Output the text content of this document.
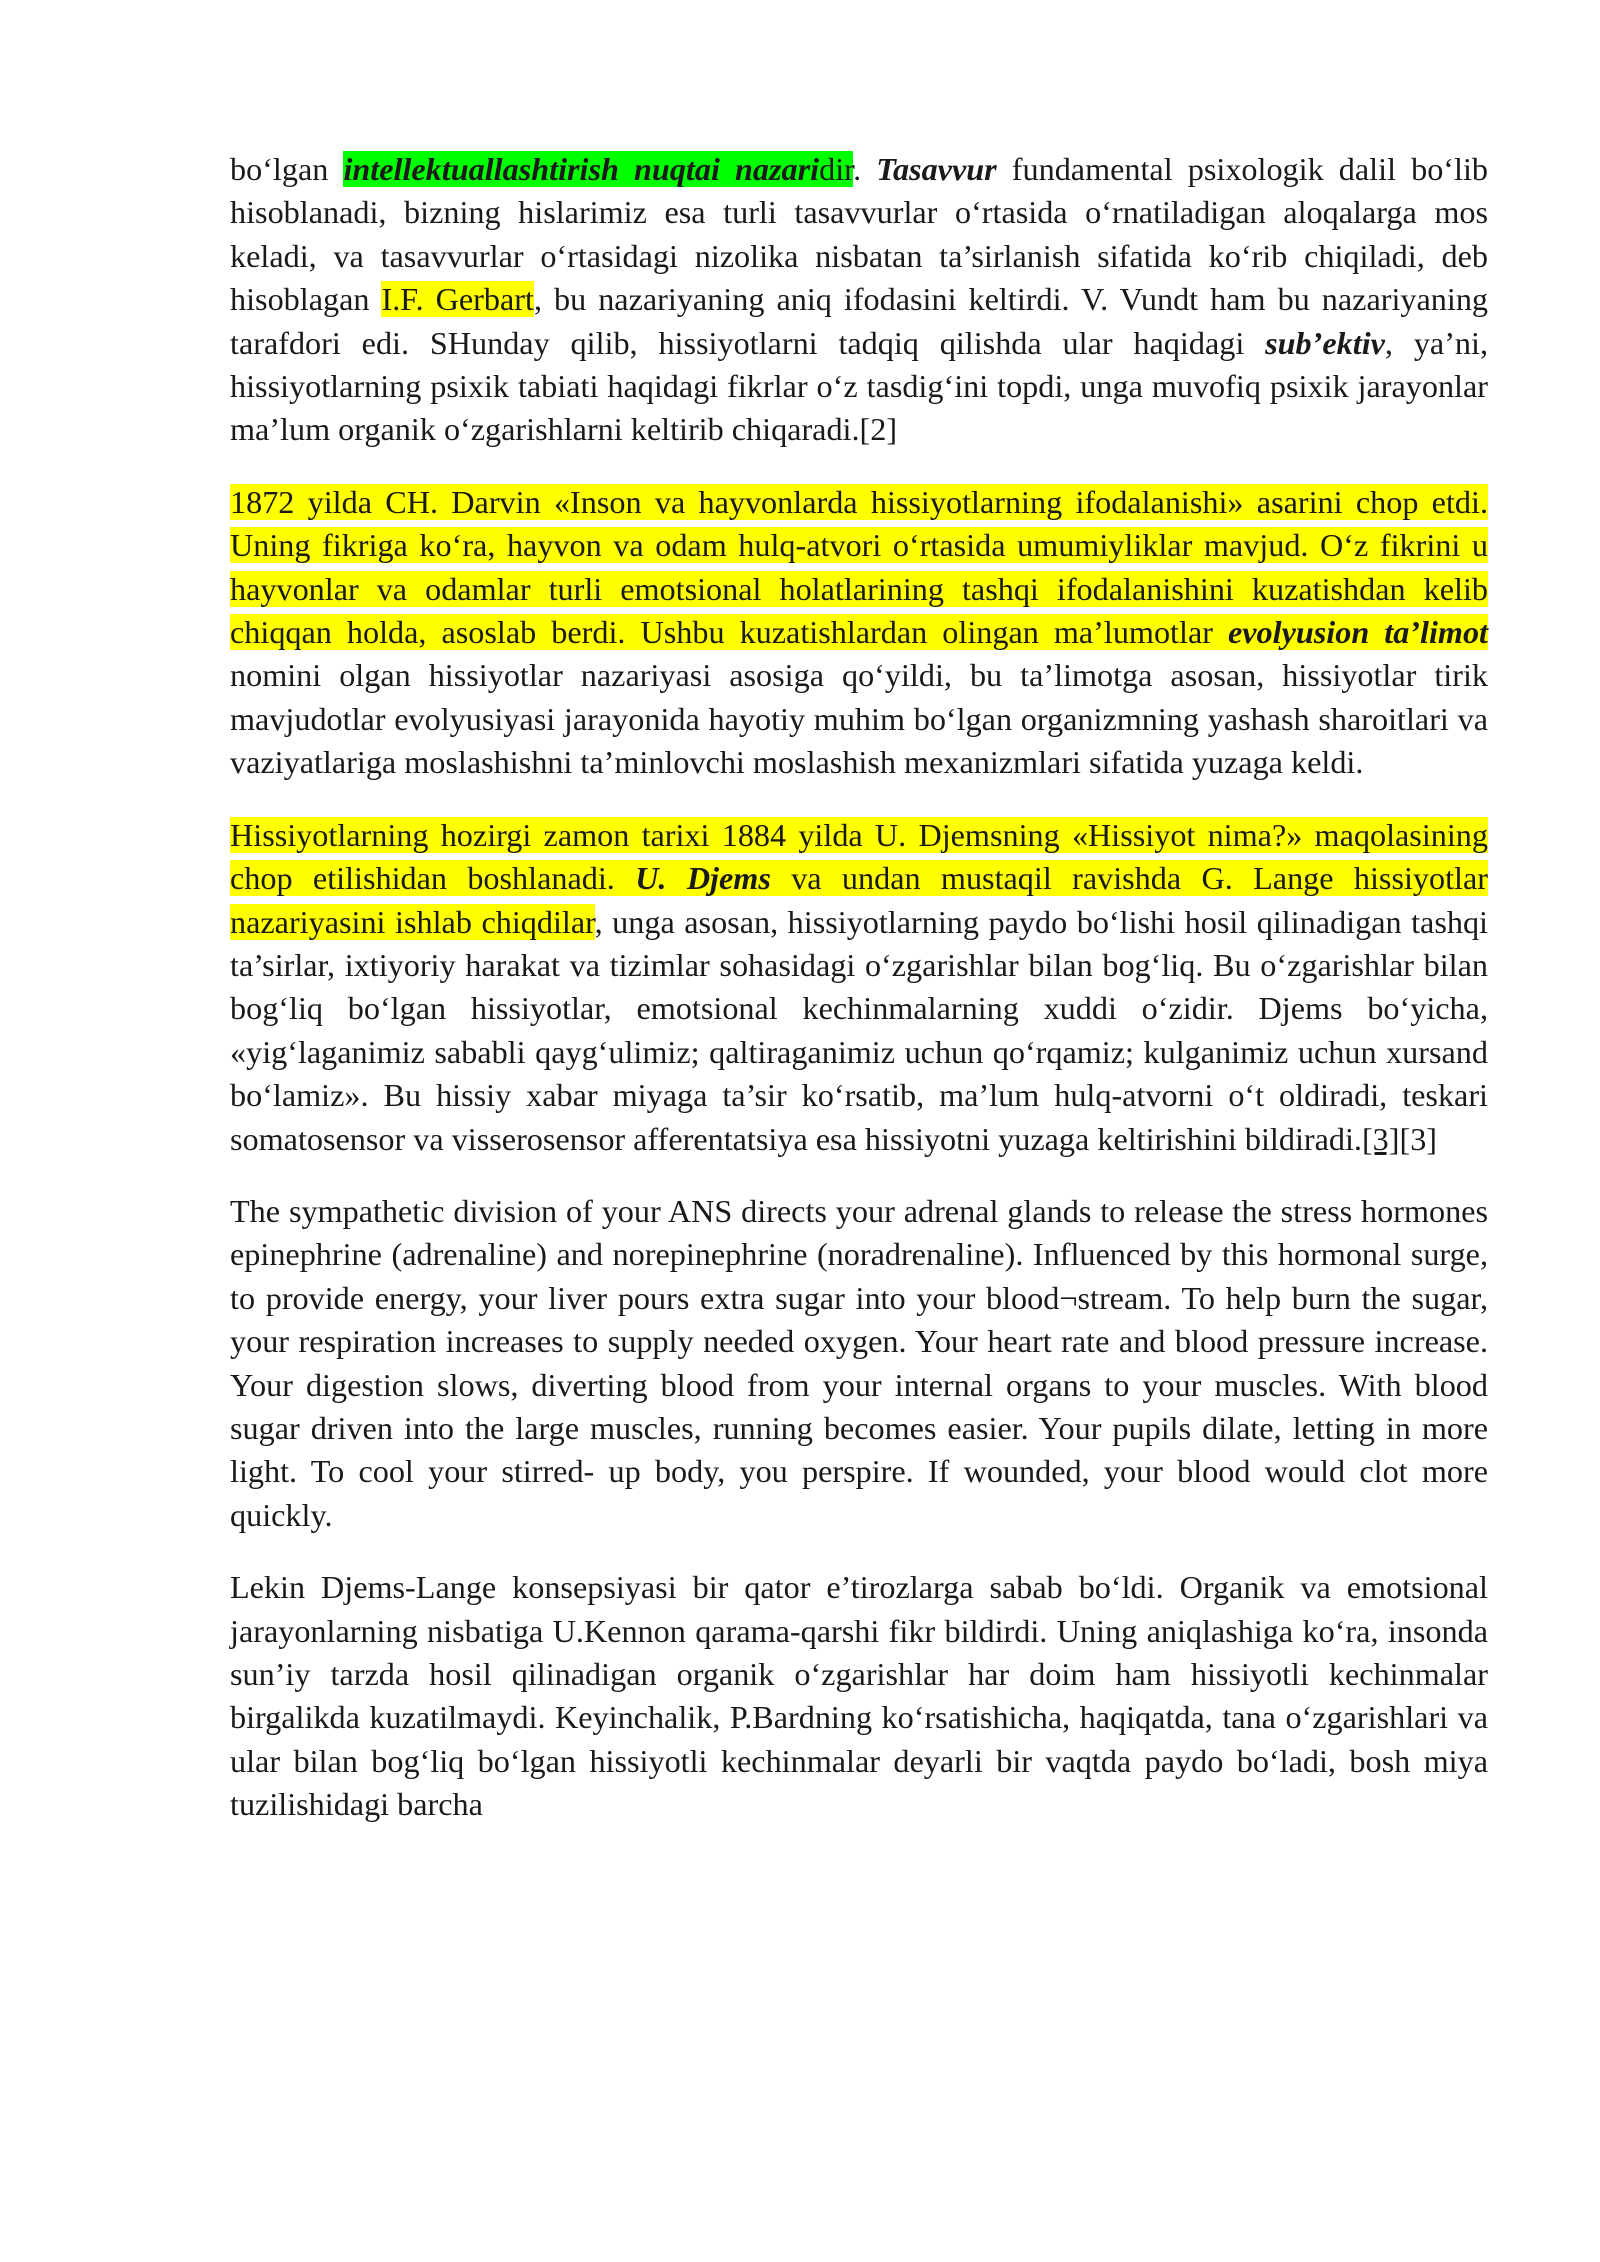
bo‘lgan intellektuallashtirish nuqtai nazaridir. Tasavvur fundamental psixologik dalil bo‘lib hisoblanadi, bizning hislarimiz esa turli tasavvurlar o‘rtasida o‘rnatiladigan aloqalarga mos keladi, va tasavvurlar o‘rtasidagi nizolika nisbatan ta’sirlanish sifatida ko‘rib chiqiladi, deb hisoblagan I.F. Gerbart, bu nazariyaning aniq ifodasini keltirdi. V. Vundt ham bu nazariyaning tarafdori edi. SHunday qilib, hissiyotlarni tadqiq qilishda ular haqidagi sub’ektiv, ya’ni, hissiyotlarning psixik tabiati haqidagi fikrlar o‘z tasdig‘ini topdi, unga muvofiq psixik jarayonlar ma’lum organik o‘zgarishlarni keltirib chiqaradi.[2]

1872 yilda CH. Darvin «Inson va hayvonlarda hissiyotlarning ifodalanishi» asarini chop etdi. Uning fikriga ko‘ra, hayvon va odam hulq-atvori o‘rtasida umumiyliklar mavjud. O‘z fikrini u hayvonlar va odamlar turli emotsional holatlarining tashqi ifodalanishini kuzatishdan kelib chiqqan holda, asoslab berdi. Ushbu kuzatishlardan olingan ma’lumotlar evolyusion ta’limot nomini olgan hissiyotlar nazariyasi asosiga qo‘yildi, bu ta’limotga asosan, hissiyotlar tirik mavjudotlar evolyusiyasi jarayonida hayotiy muhim bo‘lgan organizmning yashash sharoitlari va vaziyatlariga moslashishni ta’minlovchi moslashish mexanizmlari sifatida yuzaga keldi.

Hissiyotlarning hozirgi zamon tarixi 1884 yilda U. Djemsning «Hissiyot nima?» maqolasining chop etilishidan boshlanadi. U. Djems va undan mustaqil ravishda G. Lange hissiyotlar nazariyasini ishlab chiqdilar, unga asosan, hissiyotlarning paydo bo‘lishi hosil qilinadigan tashqi ta’sirlar, ixtiyoriy harakat va tizimlar sohasidagi o‘zgarishlar bilan bog‘liq. Bu o‘zgarishlar bilan bog‘liq bo‘lgan hissiyotlar, emotsional kechinmalarning xuddi o‘zidir. Djems bo‘yicha, «yig‘laganimiz sababli qayg‘ulimiz; qaltiraganimiz uchun qo‘rqamiz; kulganimiz uchun xursand bo‘lamiz». Bu hissiy xabar miyaga ta’sir ko‘rsatib, ma’lum hulq-atvorni o‘t oldiradi, teskari somatosensor va visserosensor afferentatsiya esa hissiyotni yuzaga keltirishini bildiradi.[3][3]

The sympathetic division of your ANS directs your adrenal glands to release the stress hormones epinephrine (adrenaline) and norepinephrine (noradrenaline). Influenced by this hormonal surge, to provide energy, your liver pours extra sugar into your blood¬stream. To help burn the sugar, your respiration increases to supply needed oxygen. Your heart rate and blood pressure increase. Your digestion slows, diverting blood from your internal organs to your muscles. With blood sugar driven into the large muscles, running becomes easier. Your pupils dilate, letting in more light. To cool your stirred- up body, you perspire. If wounded, your blood would clot more quickly.

Lekin Djems-Lange konsepsiyasi bir qator e’tirozlarga sabab bo‘ldi. Organik va emotsional jarayonlarning nisbatiga U.Kennon qarama-qarshi fikr bildirdi. Uning aniqlashiga ko‘ra, insonda sun’iy tarzda hosil qilinadigan organik o‘zgarishlar har doim ham hissiyotli kechinmalar birgalikda kuzatilmaydi. Keyinchalik, P.Bardning ko‘rsatishicha, haqiqatda, tana o‘zgarishlari va ular bilan bog‘liq bo‘lgan hissiyotli kechinmalar deyarli bir vaqtda paydo bo‘ladi, bosh miya tuzilishidagi barcha
